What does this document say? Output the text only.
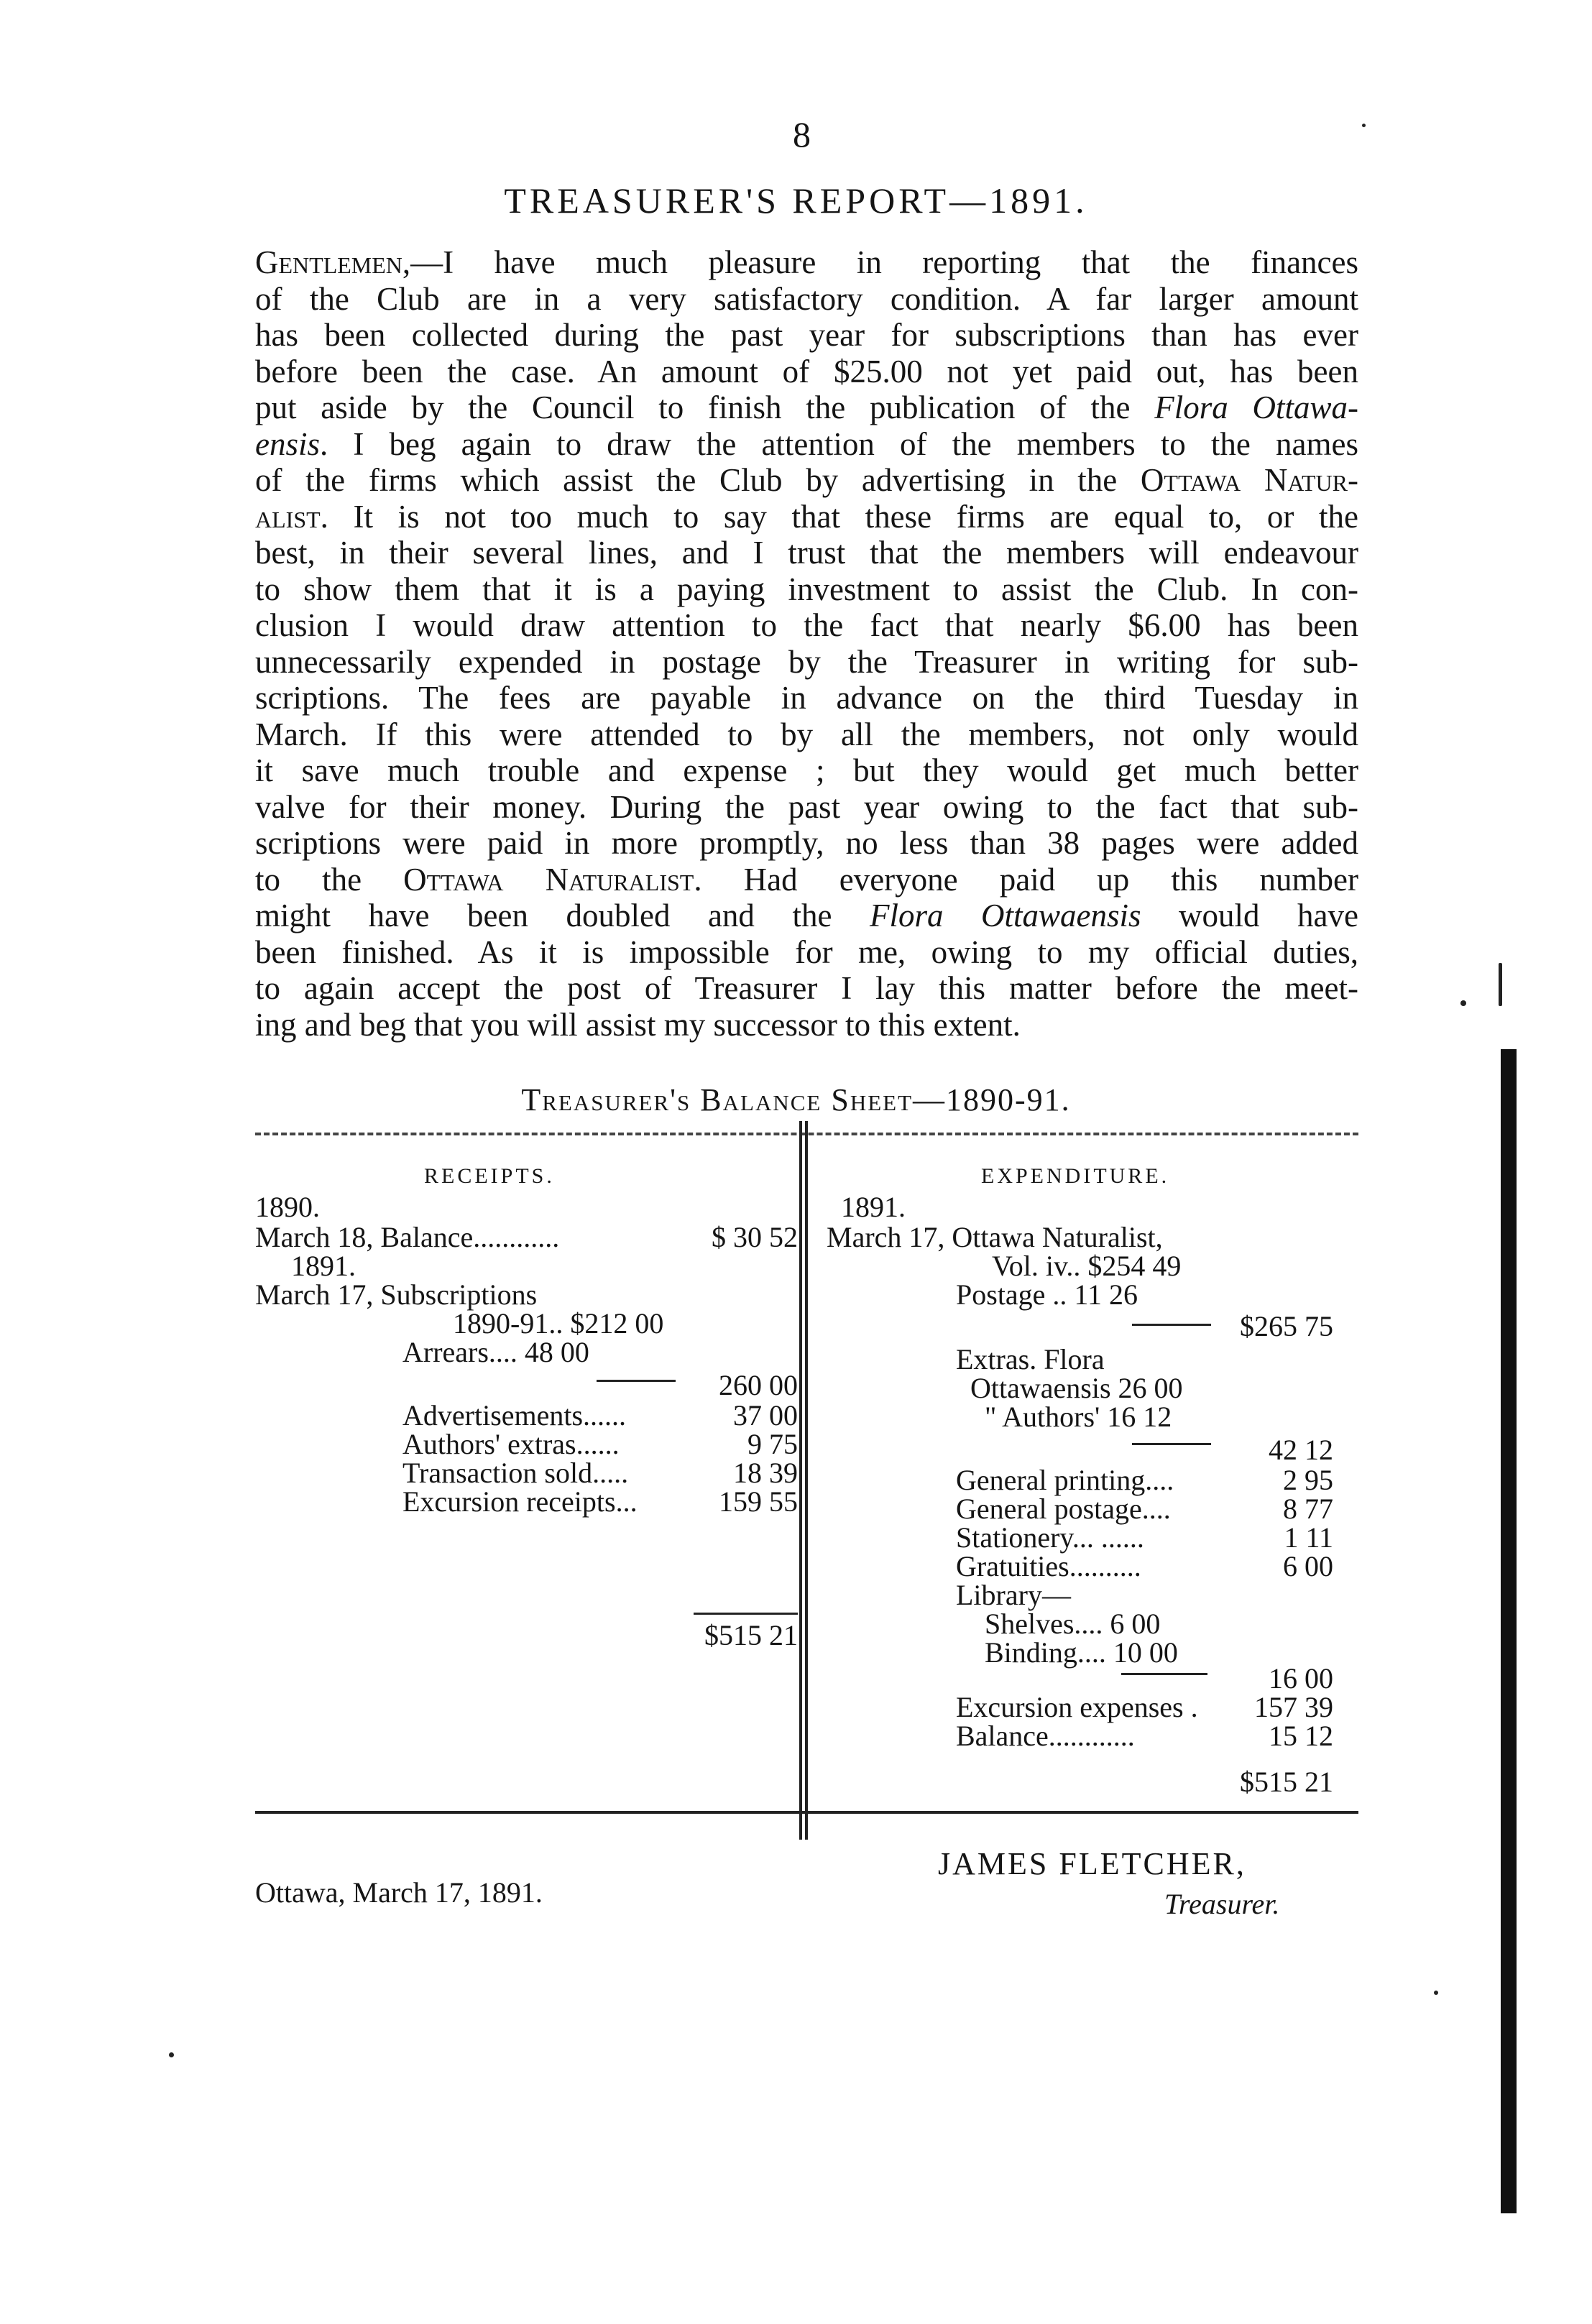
8
TREASURER'S REPORT—1891.
Gentlemen,—I have much pleasure in reporting that the finances
of the Club are in a very satisfactory condition. A far larger amount
has been collected during the past year for subscriptions than has ever
before been the case. An amount of $25.00 not yet paid out, has been
put aside by the Council to finish the publication of the Flora Ottawa-
ensis. I beg again to draw the attention of the members to the names
of the firms which assist the Club by advertising in the Ottawa Natur-
alist. It is not too much to say that these firms are equal to, or the
best, in their several lines, and I trust that the members will endeavour
to show them that it is a paying investment to assist the Club. In con-
clusion I would draw attention to the fact that nearly $6.00 has been
unnecessarily expended in postage by the Treasurer in writing for sub-
scriptions. The fees are payable in advance on the third Tuesday in
March. If this were attended to by all the members, not only would
it save much trouble and expense ; but they would get much better
valve for their money. During the past year owing to the fact that sub-
scriptions were paid in more promptly, no less than 38 pages were added
to the Ottawa Naturalist. Had everyone paid up this number
might have been doubled and the Flora Ottawaensis would have
been finished. As it is impossible for me, owing to my official duties,
to again accept the post of Treasurer I lay this matter before the meet-
ing and beg that you will assist my successor to this extent.
Treasurer's Balance Sheet—1890-91.
RECEIPTS.
1890.
March 18, Balance............	$ 30 52
1891.
March 17, Subscriptions
1890-91.. $212 00
Arrears.... 48 00
260 00
Advertisements......	37 00
Authors' extras......	9 75
Transaction sold.....	18 39
Excursion receipts...	159 55
$515 21
EXPENDITURE.
1891.
March 17, Ottawa Naturalist,
Vol. iv.. $254 49
Postage .. 11 26
$265 75
Extras. Flora
Ottawaensis 26 00
" Authors' 16 12
42 12
General printing....	2 95
General postage....	8 77
Stationery... ......	1 11
Gratuities..........	6 00
Library—
Shelves.... 6 00
Binding.... 10 00
16 00
Excursion expenses . 157 39
Balance............	15 12
$515 21
Ottawa, March 17, 1891.
JAMES FLETCHER,
Treasurer.
